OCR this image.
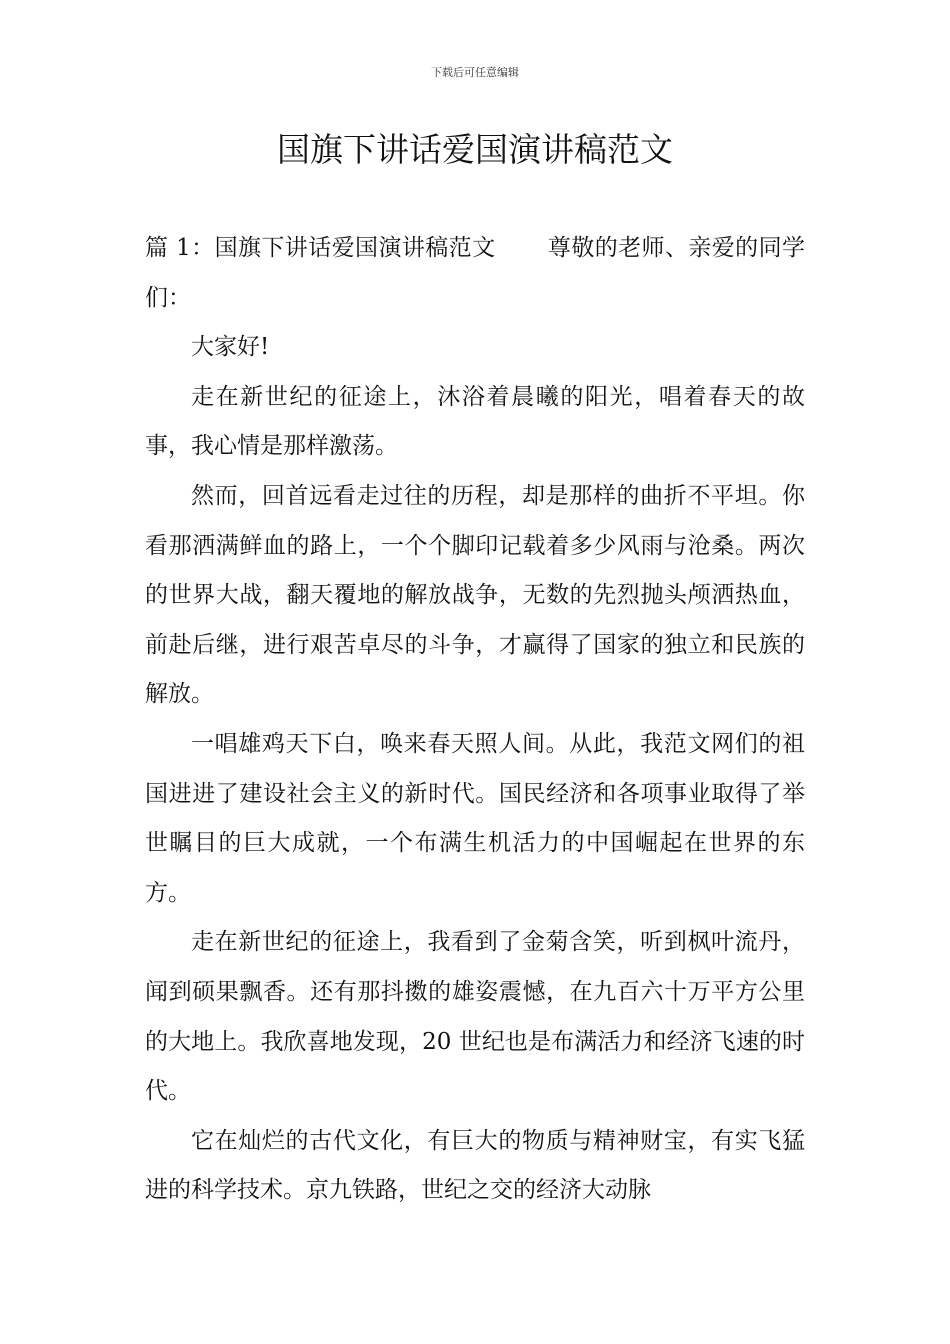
下载后可任意编辑
国旗下讲话爱国演讲稿范文

篇 1：国旗下讲话爱国演讲稿范文 尊敬的老师、亲爱的同学们：

大家好!

走在新世纪的征途上，沐浴着晨曦的阳光，唱着春天的故事，我心情是那样激荡。

然而，回首远看走过往的历程，却是那样的曲折不平坦。你看那洒满鲜血的路上，一个个脚印记载着多少风雨与沧桑。两次的世界大战，翻天覆地的解放战争，无数的先烈抛头颅洒热血，前赴后继，进行艰苦卓尽的斗争，才赢得了国家的独立和民族的解放。

一唱雄鸡天下白，唤来春天照人间。从此，我范文网们的祖国进进了建设社会主义的新时代。国民经济和各项事业取得了举世瞩目的巨大成就，一个布满生机活力的中国崛起在世界的东方。

走在新世纪的征途上，我看到了金菊含笑，听到枫叶流丹，闻到硕果飘香。还有那抖擞的雄姿震憾，在九百六十万平方公里的大地上。我欣喜地发现，20 世纪也是布满活力和经济飞速的时代。

它在灿烂的古代文化，有巨大的物质与精神财宝，有实飞猛进的科学技术。京九铁路，世纪之交的经济大动脉
